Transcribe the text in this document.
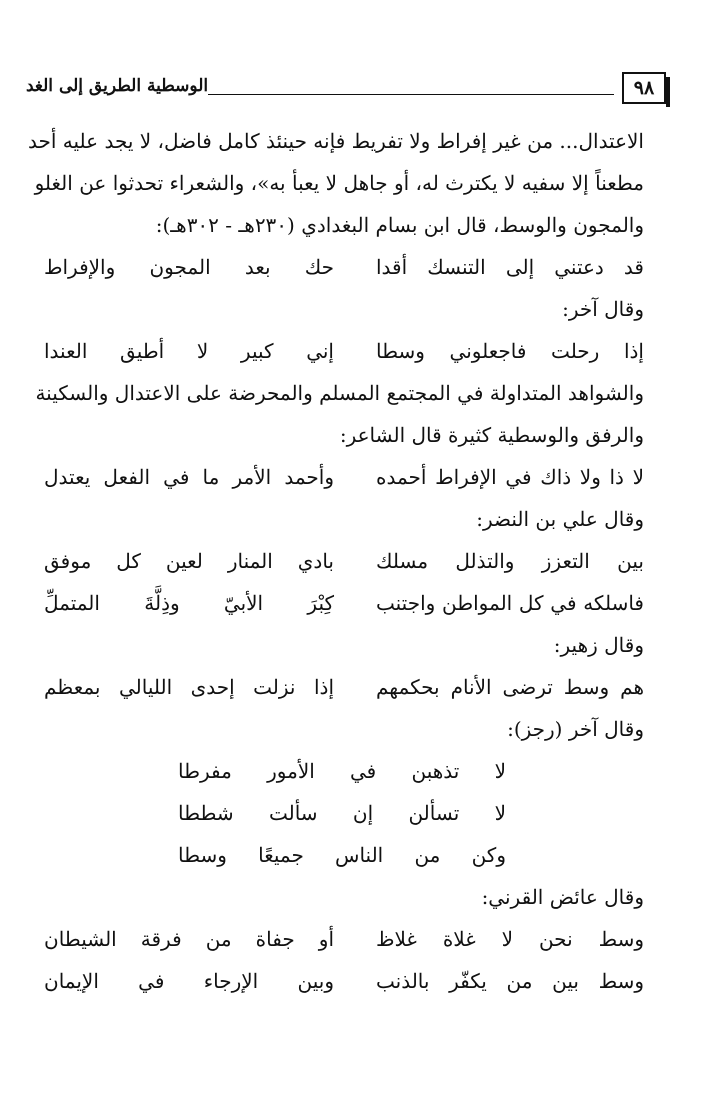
الوسطية الطريق إلى الغد	٩٨
الاعتدال... من غير إفراط ولا تفريط فإنه حينئذ كامل فاضل، لا يجد عليه أحد
مطعناً إلا سفيه لا يكترث له، أو جاهل لا يعبأ به»، والشعراء تحدثوا عن الغلو
والمجون والوسط، قال ابن بسام البغدادي (٢٣٠هـ - ٣٠٢هـ):
قد دعتني إلى التنسك أقدا
حك بعد المجون والإفراط
وقال آخر:
إذا رحلت فاجعلوني وسطا
إني كبير لا أطيق العندا
والشواهد المتداولة في المجتمع المسلم والمحرضة على الاعتدال والسكينة
والرفق والوسطية كثيرة قال الشاعر:
لا ذا ولا ذاك في الإفراط أحمده
وأحمد الأمر ما في الفعل يعتدل
وقال علي بن النضر:
بين التعزز والتذلل مسلك
بادي المنار لعين كل موفق
فاسلكه في كل المواطن واجتنب
كِبْرَ الأبيّ وذِلَّةَ المتملِّ
وقال زهير:
هم وسط ترضى الأنام بحكمهم
إذا نزلت إحدى الليالي بمعظم
وقال آخر (رجز):
لا تذهبن في الأمور مفرطا
لا تسألن إن سألت شططا
وكن من الناس جميعًا وسطا
وقال عائض القرني:
وسط نحن لا غلاة غلاظ
أو جفاة من فرقة الشيطان
وسط بين من يكفّر بالذنب
وبين الإرجاء في الإيمان
